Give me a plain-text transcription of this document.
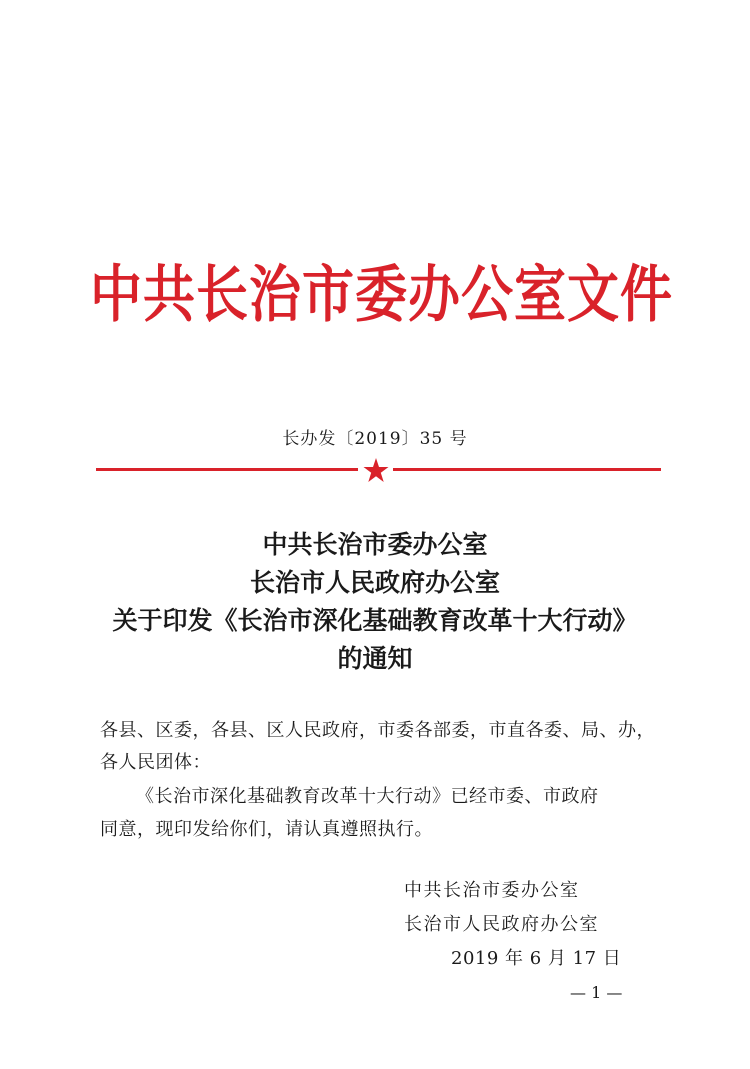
中共长治市委办公室文件
长办发〔2019〕35 号
中共长治市委办公室
长治市人民政府办公室
关于印发《长治市深化基础教育改革十大行动》
的通知
各县、区委，各县、区人民政府，市委各部委，市直各委、局、办，
各人民团体：
《长治市深化基础教育改革十大行动》已经市委、市政府
同意，现印发给你们，请认真遵照执行。
中共长治市委办公室
长治市人民政府办公室
2019 年 6 月 17 日
— 1 —
